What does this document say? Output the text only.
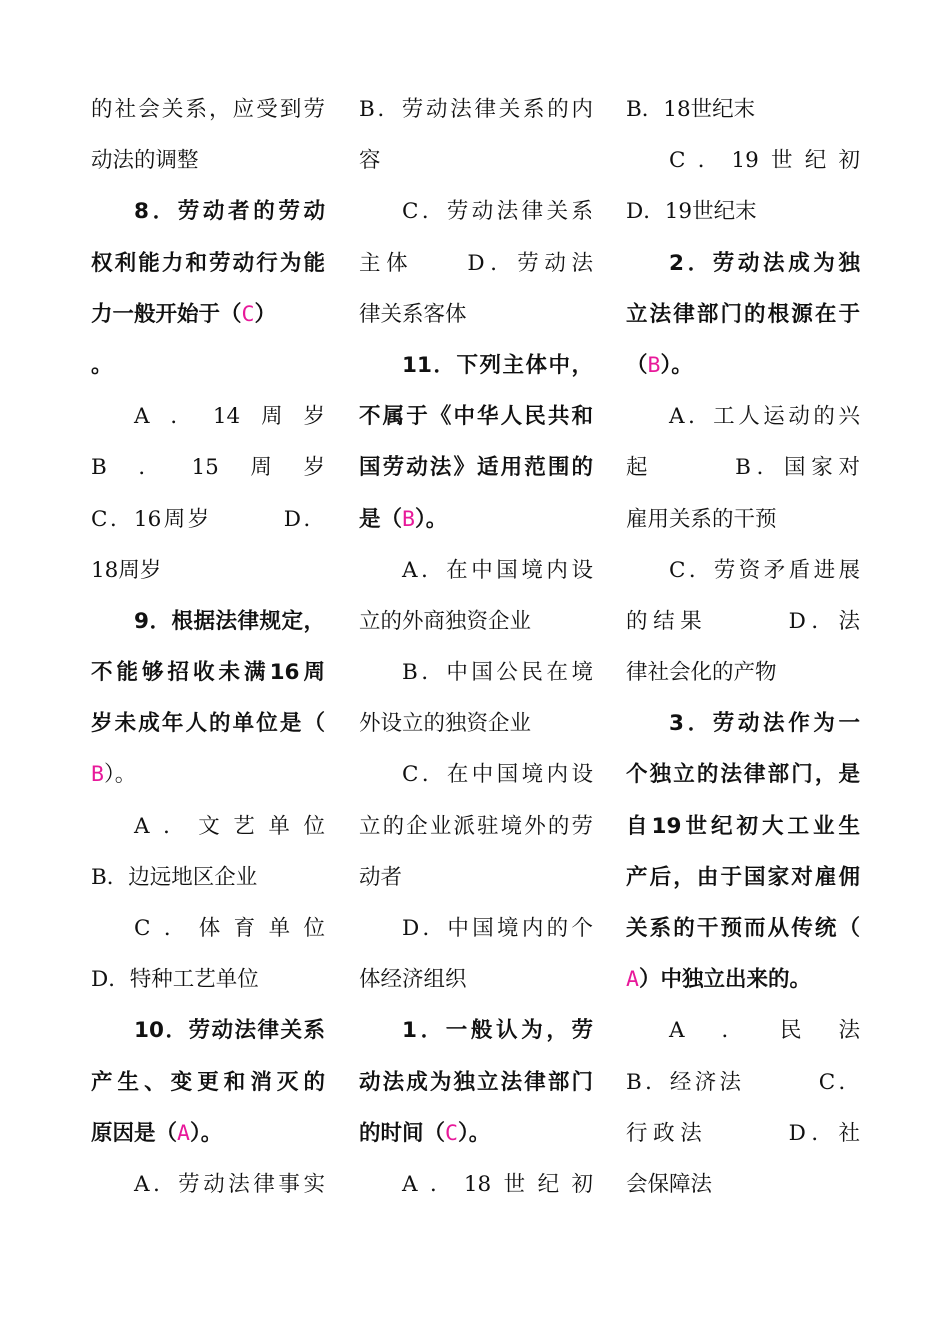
的社会关系，应受到劳
动法的调整
8．劳动者的劳动
权利能力和劳动行为能
力一般开始于（C）
。
A．14周岁
B．15周岁
C．16周岁　　　D．
18周岁
9．根据法律规定，
不能够招收未满16周
岁未成年人的单位是（
B）。
A．文艺单位
B．边远地区企业
C．体育单位
D．特种工艺单位
10．劳动法律关系
产生、变更和消灭的
原因是（A）。
A．劳动法律事实
B．劳动法律关系的内
容
C．劳动法律关系
主体　　D．劳动法
律关系客体
11．下列主体中，
不属于《中华人民共和
国劳动法》适用范围的
是（B）。
A．在中国境内设
立的外商独资企业
B．中国公民在境
外设立的独资企业
C．在中国境内设
立的企业派驻境外的劳
动者
D．中国境内的个
体经济组织
1．一般认为，劳
动法成为独立法律部门
的时间（C）。
A．18世纪初
B．18世纪末
C．19世纪初
D．19世纪末
2．劳动法成为独
立法律部门的根源在于
（B）。
A．工人运动的兴
起　　　B．国家对
雇用关系的干预
C．劳资矛盾进展
的结果　　　D．法
律社会化的产物
3．劳动法作为一
个独立的法律部门，是
自19世纪初大工业生
产后，由于国家对雇佣
关系的干预而从传统（
A）中独立出来的。
A．民法
B．经济法　　　C．
行政法　　　D．社
会保障法
